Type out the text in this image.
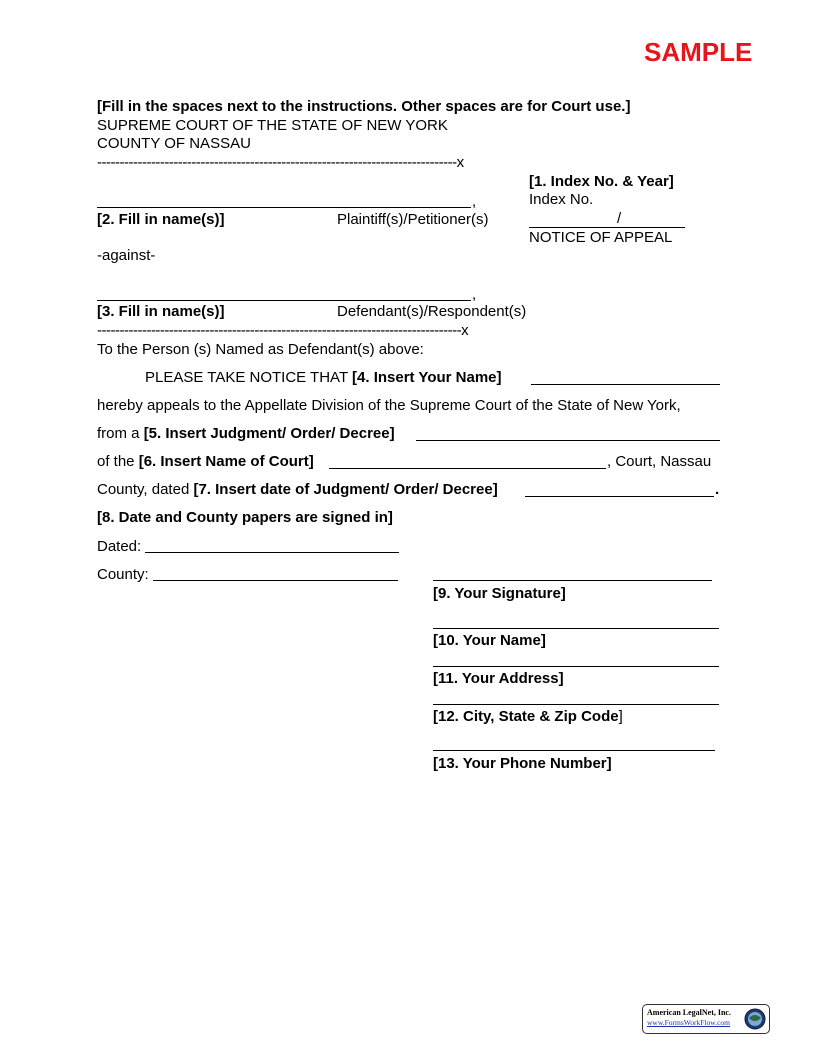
SAMPLE
[Fill in the spaces next to the instructions. Other spaces are for Court use.]
SUPREME COURT OF THE STATE OF NEW YORK
COUNTY OF NASSAU
--------------------------------------------------------------------------------x
[1. Index No. & Year]
Index No.
/
NOTICE OF APPEAL
,
[2. Fill in name(s)]	Plaintiff(s)/Petitioner(s)
-against-
,
[3. Fill in name(s)]	Defendant(s)/Respondent(s)
---------------------------------------------------------------------------------x
To the Person (s) Named as Defendant(s) above:
PLEASE TAKE NOTICE THAT [4. Insert Your Name]
hereby appeals to the Appellate Division of the Supreme Court of the State of New York,
from a [5. Insert Judgment/ Order/ Decree]
of the [6. Insert Name of Court]	, Court, Nassau
County, dated [7. Insert date of Judgment/ Order/ Decree]	.
[8. Date and County papers are signed in]
Dated:
County:
[9. Your Signature]
[10. Your Name]
[11. Your Address]
[12. City, State & Zip Code]
[13. Your Phone Number]
American LegalNet, Inc.
www.FormsWorkFlow.com
